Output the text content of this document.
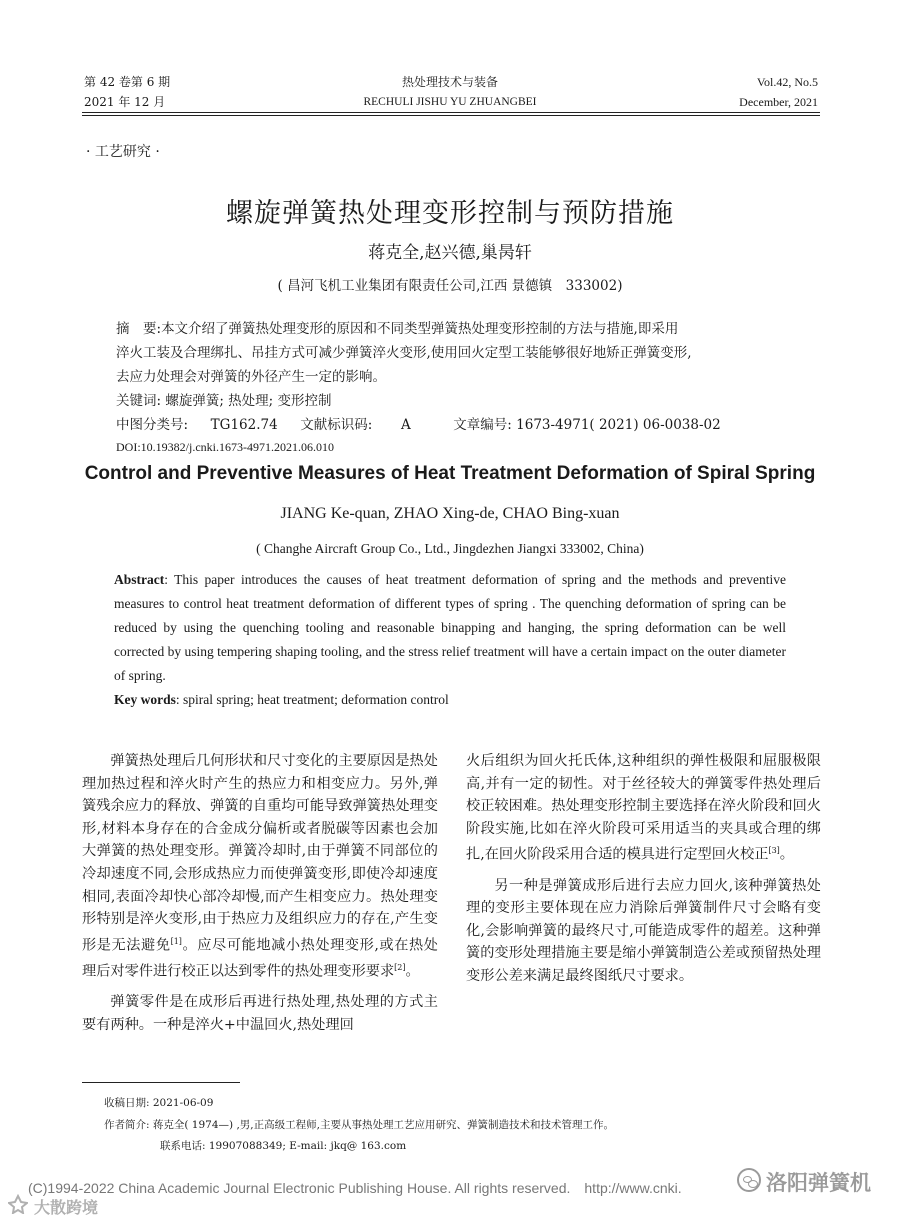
第 42 卷第 6 期
2021 年 12 月
热处理技术与装备
RECHULI JISHU YU ZHUANGBEI
Vol.42, No.5
December, 2021
· 工艺研究 ·
螺旋弹簧热处理变形控制与预防措施
蒋克全,赵兴德,巢昺轩
( 昌河飞机工业集团有限责任公司,江西 景德镇　333002)
摘　要:本文介绍了弹簧热处理变形的原因和不同类型弹簧热处理变形控制的方法与措施,即采用
淬火工装及合理绑扎、吊挂方式可减少弹簧淬火变形,使用回火定型工装能够很好地矫正弹簧变形,
去应力处理会对弹簧的外径产生一定的影响。
关键词: 螺旋弹簧; 热处理; 变形控制
中图分类号: TG162.74 文献标识码: A	文章编号: 1673-4971( 2021) 06-0038-02
DOI:10.19382/j.cnki.1673-4971.2021.06.010
Control and Preventive Measures of Heat Treatment Deformation of Spiral Spring
JIANG Ke-quan, ZHAO Xing-de, CHAO Bing-xuan
( Changhe Aircraft Group Co., Ltd., Jingdezhen Jiangxi 333002, China)
Abstract: This paper introduces the causes of heat treatment deformation of spring and the methods and preventive measures to control heat treatment deformation of different types of spring . The quenching deformation of spring can be reduced by using the quenching tooling and reasonable binapping and hanging, the spring deformation can be well corrected by using tempering shaping tooling, and the stress relief treatment will have a certain impact on the outer diameter of spring.
Key words: spiral spring; heat treatment; deformation control

弹簧热处理后几何形状和尺寸变化的主要原因是热处理加热过程和淬火时产生的热应力和相变应力。另外,弹簧残余应力的释放、弹簧的自重均可能导致弹簧热处理变形,材料本身存在的合金成分偏析或者脱碳等因素也会加大弹簧的热处理变形。弹簧冷却时,由于弹簧不同部位的冷却速度不同,会形成热应力而使弹簧变形,即使冷却速度相同,表面冷却快心部冷却慢,而产生相变应力。热处理变形特别是淬火变形,由于热应力及组织应力的存在,产生变形是无法避免[1]。应尽可能地减小热处理变形,或在热处理后对零件进行校正以达到零件的热处理变形要求[2]。

弹簧零件是在成形后再进行热处理,热处理的方式主要有两种。一种是淬火+中温回火,热处理回

火后组织为回火托氏体,这种组织的弹性极限和屈服极限高,并有一定的韧性。对于丝径较大的弹簧零件热处理后校正较困难。热处理变形控制主要选择在淬火阶段和回火阶段实施,比如在淬火阶段可采用适当的夹具或合理的绑扎,在回火阶段采用合适的模具进行定型回火校正[3]。

另一种是弹簧成形后进行去应力回火,该种弹簧热处理的变形主要体现在应力消除后弹簧制件尺寸会略有变化,会影响弹簧的最终尺寸,可能造成零件的超差。这种弹簧的变形处理措施主要是缩小弹簧制造公差或预留热处理变形公差来满足最终图纸尺寸要求。

收稿日期: 2021-06-09
作者简介: 蒋克全( 1974—) ,男,正高级工程师,主要从事热处理工艺应用研究、弹簧制造技术和技术管理工作。
联系电话: 19907088349; E-mail: jkq@ 163.com
(C)1994-2022 China Academic Journal Electronic Publishing House. All rights reserved.　http://www.cnki.	洛阳弹簧机
大散跨境
